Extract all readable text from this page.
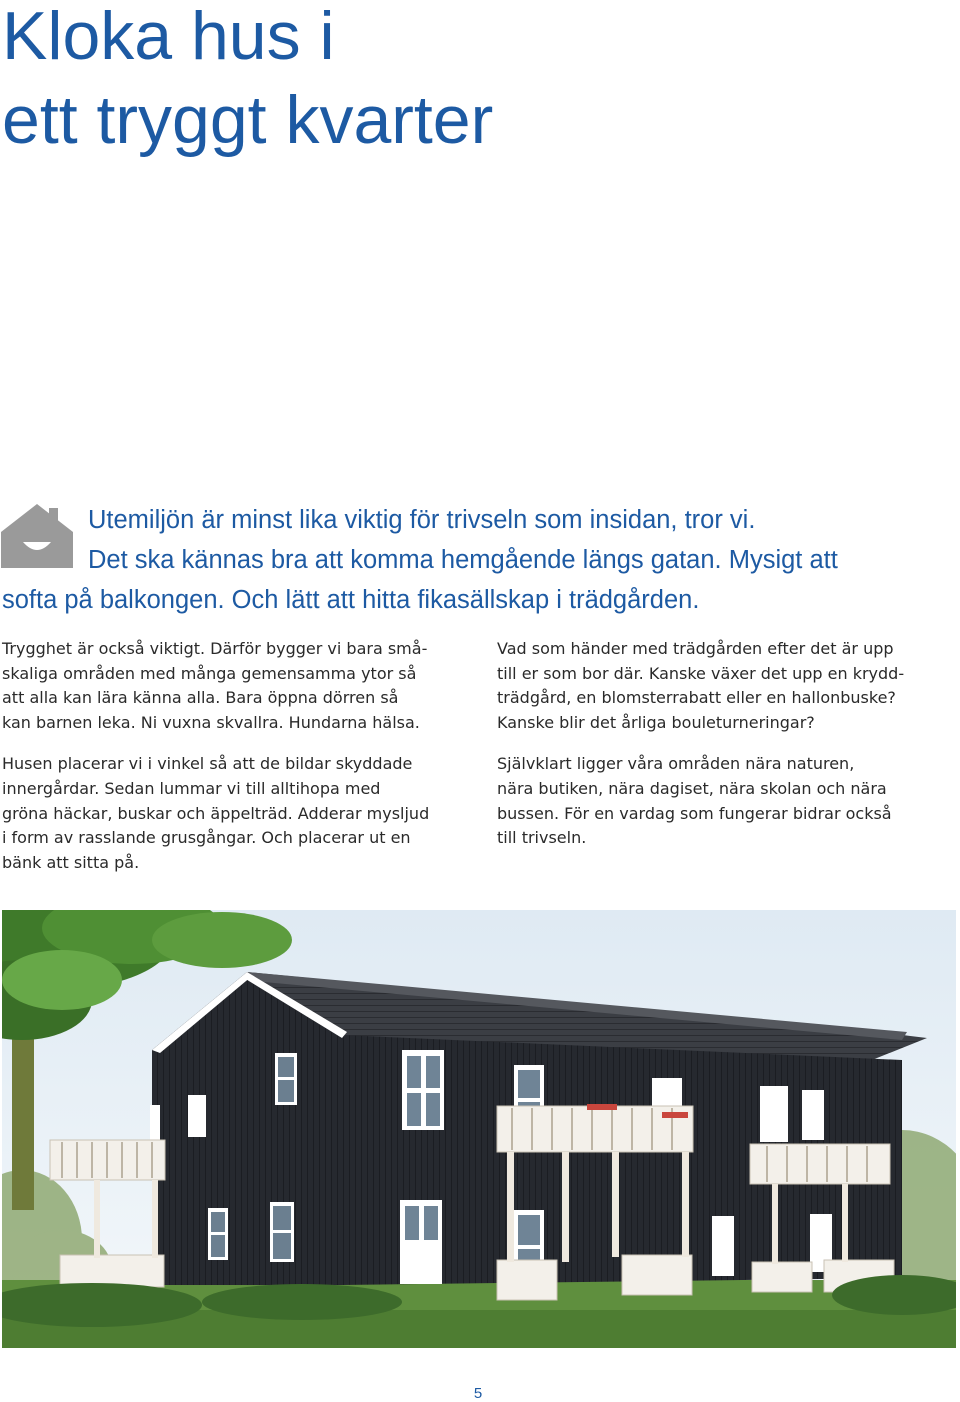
Kloka hus i
ett tryggt kvarter

Utemiljön är minst lika viktig för trivseln som insidan, tror vi.
Det ska kännas bra att komma hemgående längs gatan. Mysigt att
softa på balkongen. Och lätt att hitta fikasällskap i trädgården.

Trygghet är också viktigt. Därför bygger vi bara små-
skaliga områden med många gemensamma ytor så
att alla kan lära känna alla. Bara öppna dörren så
kan barnen leka. Ni vuxna skvallra. Hundarna hälsa.

Husen placerar vi i vinkel så att de bildar skyddade
innergårdar. Sedan lummar vi till alltihopa med
gröna häckar, buskar och äppelträd. Adderar mysljud
i form av rasslande grusgångar. Och placerar ut en
bänk att sitta på.

Vad som händer med trädgården efter det är upp
till er som bor där. Kanske växer det upp en krydd-
trädgård, en blomsterrabatt eller en hallonbuske?
Kanske blir det årliga bouleturneringar?

Självklart ligger våra områden nära naturen,
nära butiken, nära dagiset, nära skolan och nära
bussen. För en vardag som fungerar bidrar också
till trivseln.

5
